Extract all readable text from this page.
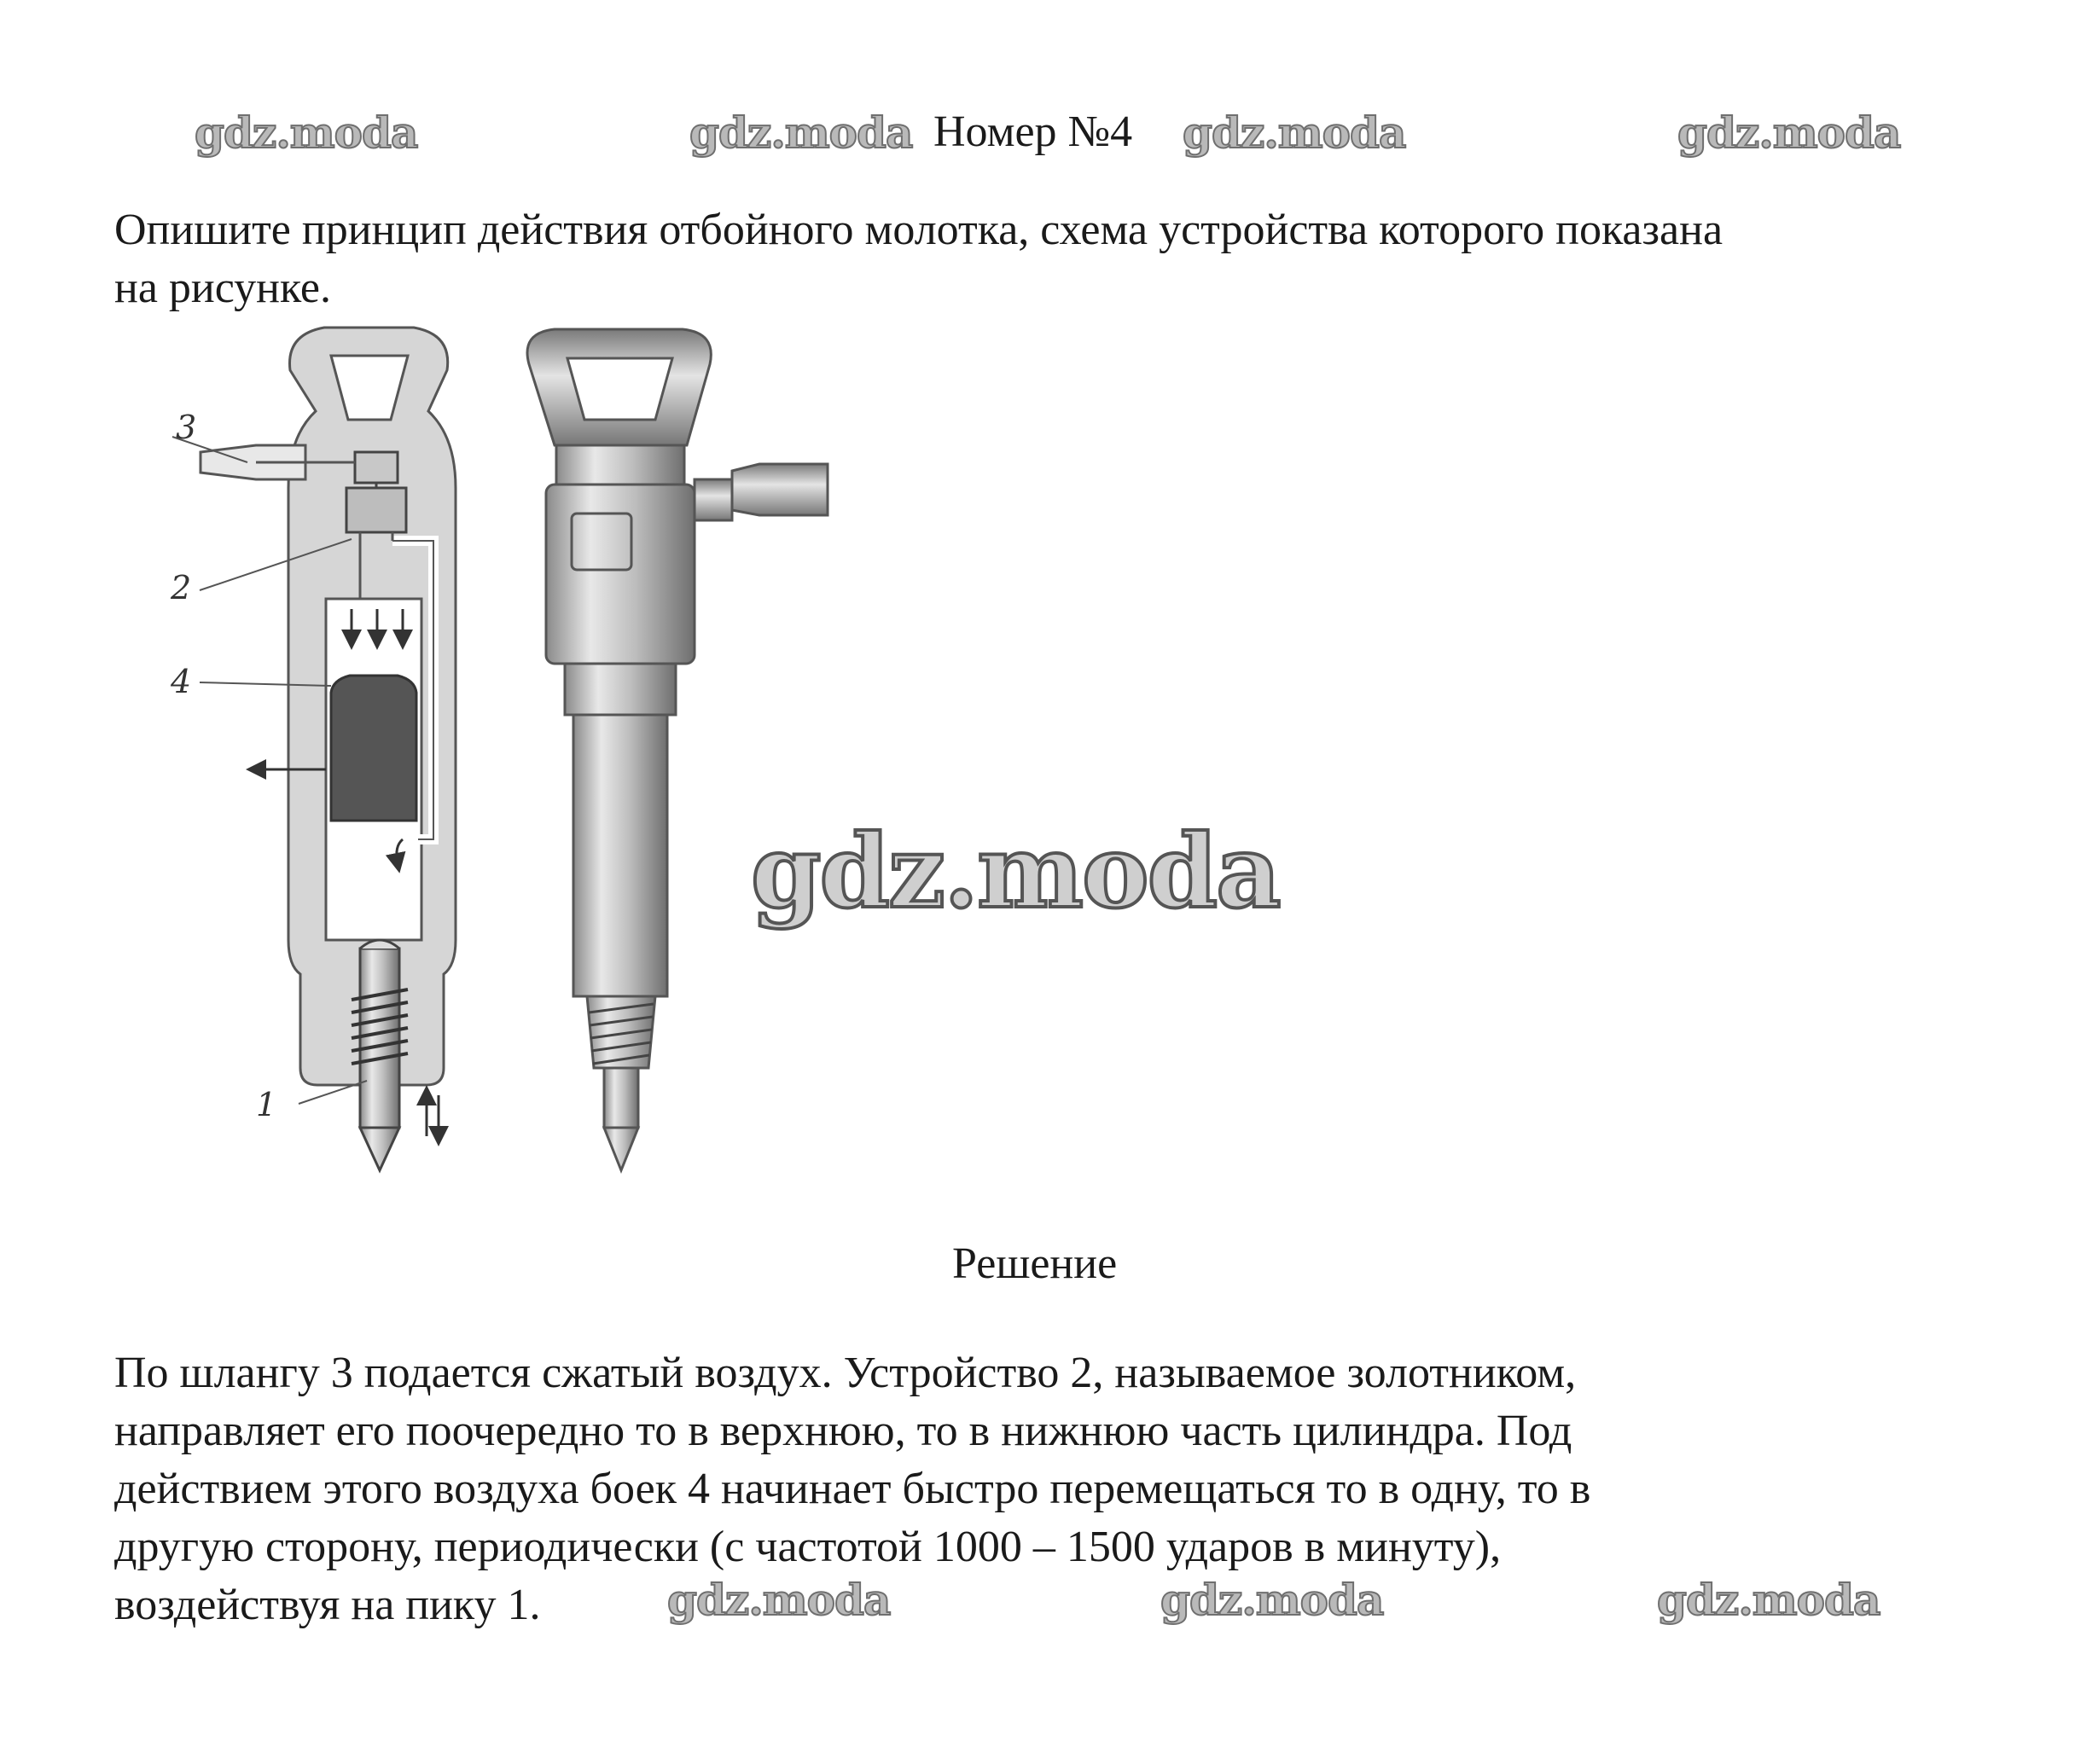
gdz.moda	gdz.moda Номер №4 gdz.moda	gdz.moda
Опишите принцип действия отбойного молотка, схема устройства которого показана
на рисунке.
3
2
4
1
gdz.moda
Решение
По шлангу 3 подается сжатый воздух. Устройство 2, называемое золотником,
направляет его поочередно то в верхнюю, то в нижнюю часть цилиндра. Под
действием этого воздуха боек 4 начинает быстро перемещаться то в одну, то в
другую сторону, периодически (с частотой 1000 – 1500 ударов в минуту),
воздействуя на пику 1.	gdz.moda	gdz.moda	gdz.moda
